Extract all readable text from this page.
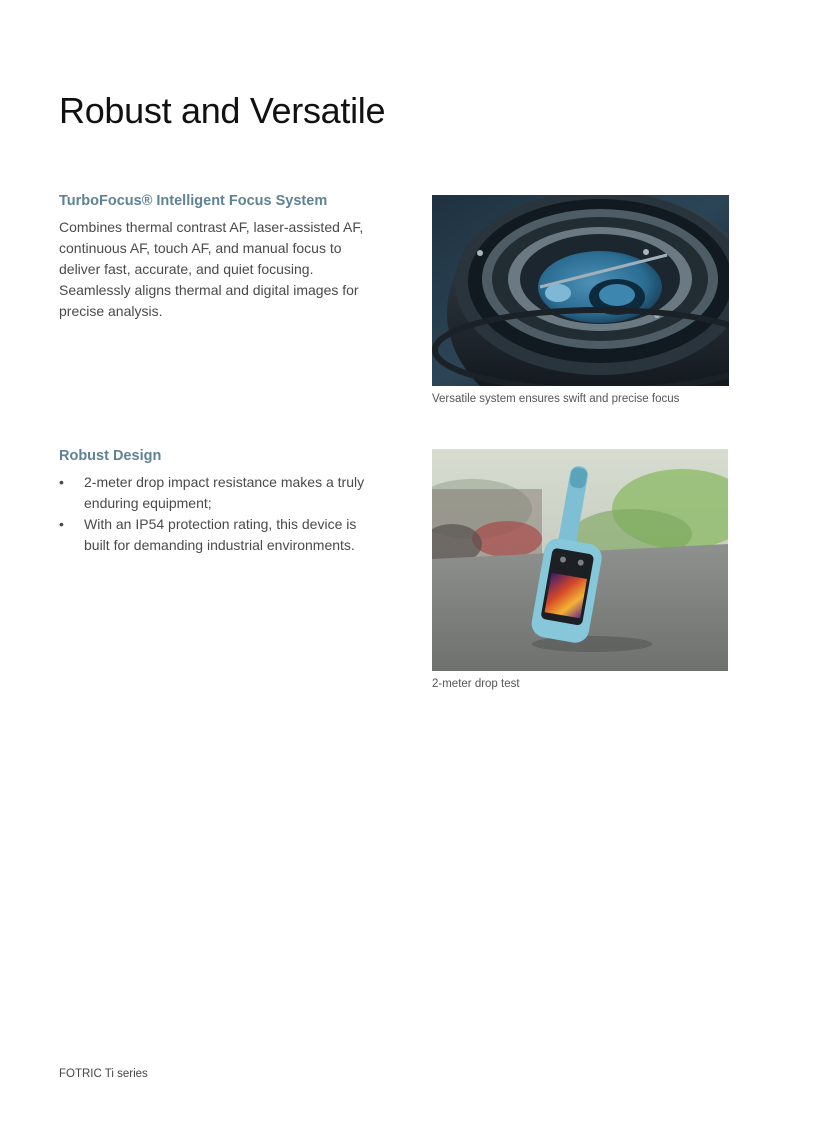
Robust and Versatile
TurboFocus® Intelligent Focus System

Combines thermal contrast AF, laser-assisted AF, continuous AF, touch AF, and manual focus to deliver fast, accurate, and quiet focusing. Seamlessly aligns thermal and digital images for precise analysis.

Versatile system ensures swift and precise focus
Robust Design
• 2-meter drop impact resistance makes a truly enduring equipment;
• With an IP54 protection rating, this device is built for demanding industrial environments.
2-meter drop test
FOTRIC Ti series
